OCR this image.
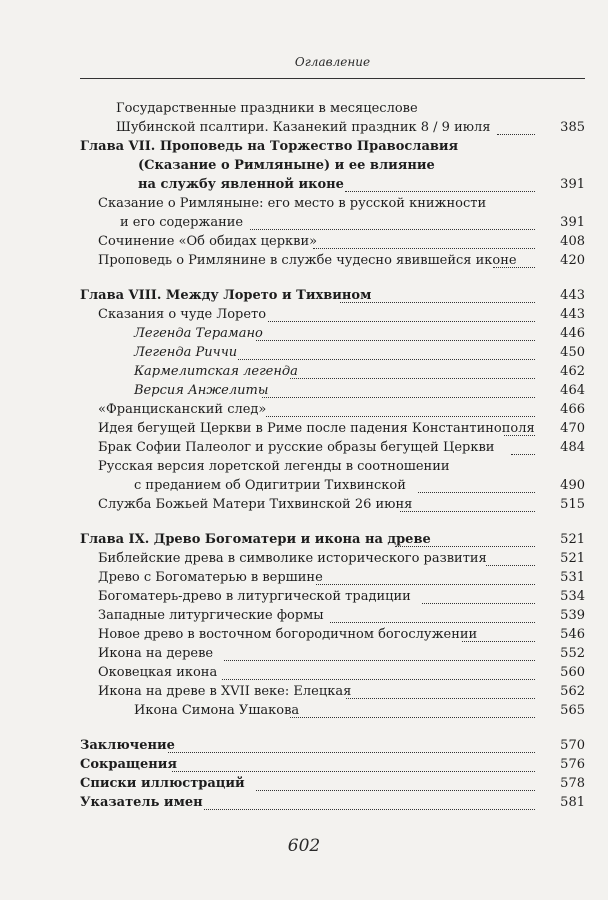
Оглавление
Государственные праздники в месяцеслове
Шубинской псалтири. Казанекий праздник 8 / 9 июля	385
Глава VII. Проповедь на Торжество Православия
(Сказание о Римляныне) и ее влияние
на службу явленной иконе	391
Сказание о Римляныне: его место в русской книжности
и его содержание	391
Сочинение «Об обидах церкви»	408
Проповедь о Римлянине в службе чудесно явившейся иконе	420
Глава VIII. Между Лорето и Тихвином	443
Сказания о чуде Лорето	443
Легенда Терамано	446
Легенда Риччи	450
Кармелитская легенда	462
Версия Анжелиты	464
«Францисканский след»	466
Идея бегущей Церкви в Риме после падения Константинополя	470
Брак Софии Палеолог и русские образы бегущей Церкви	484
Русская версия лоретской легенды в соотношении
с преданием об Одигитрии Тихвинской	490
Служба Божьей Матери Тихвинской 26 июня	515
Глава IX. Древо Богоматери и икона на древе	521
Библейские древа в символике исторического развития	521
Древо с Богоматерью в вершине	531
Богоматерь-древо в литургической традиции	534
Западные литургические формы	539
Новое древо в восточном богородичном богослужении	546
Икона на дереве	552
Оковецкая икона	560
Икона на древе в XVII веке: Елецкая	562
Икона Симона Ушакова	565
Заключение	570
Сокращения	576
Списки иллюстраций	578
Указатель имен	581
602
